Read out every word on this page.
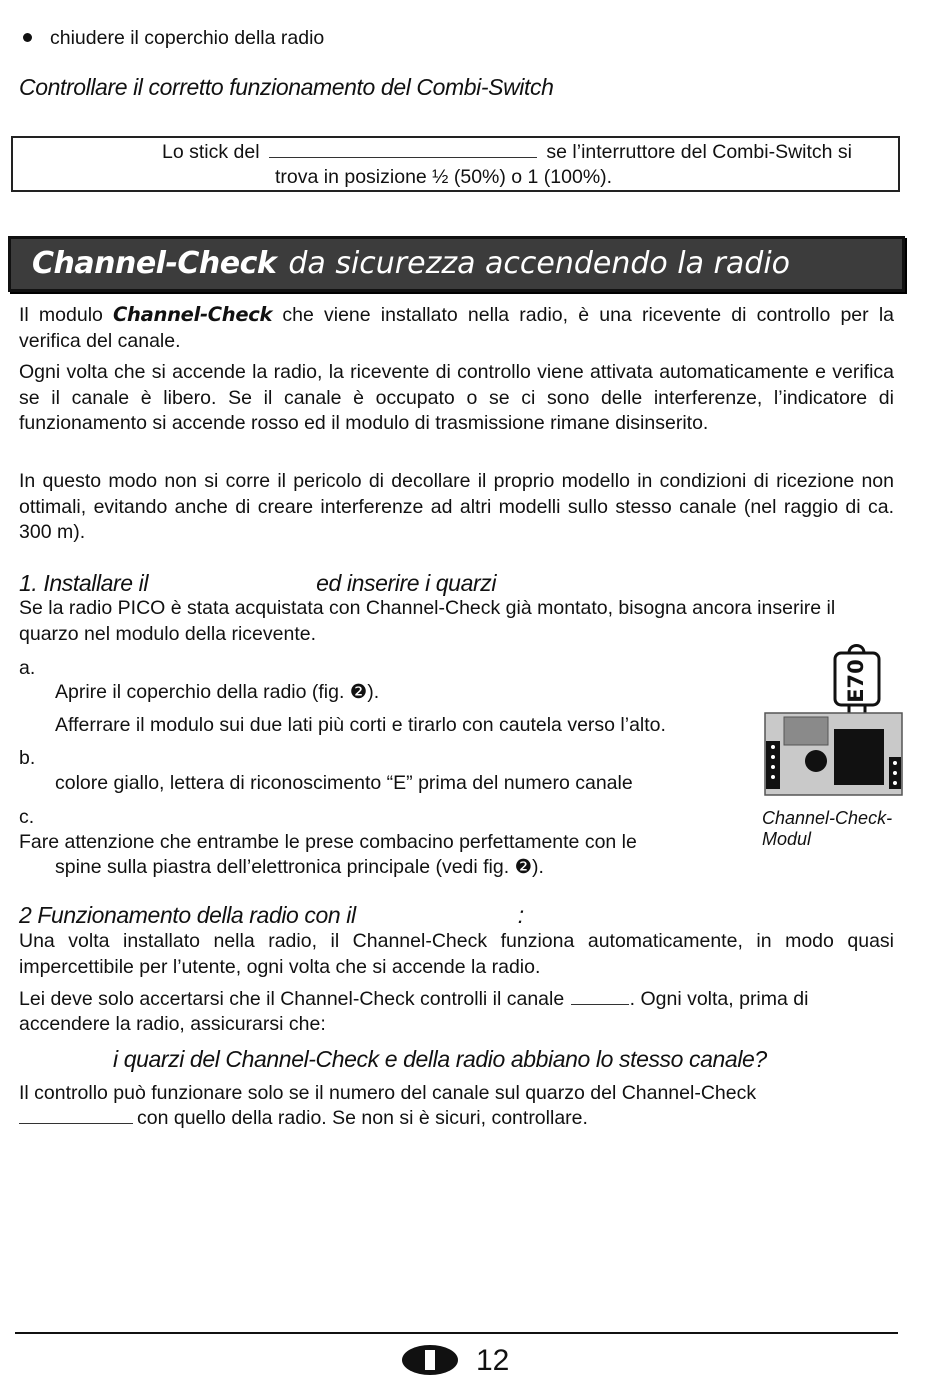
chiudere il coperchio della radio
Controllare il corretto funzionamento del Combi-Switch
Lo stick del	se l’interruttore del Combi-Switch si
trova in posizione ½ (50%) o 1 (100%).
Channel-Check da sicurezza accendendo la radio
Il modulo Channel-Check che viene installato nella radio, è una ricevente di controllo per la verifica del canale.
Ogni volta che si accende la radio, la ricevente di controllo viene attivata automaticamente e verifica se il canale è libero. Se il canale è occupato o se ci sono delle interferenze, l’indicatore di funzionamento si accende rosso ed il modulo di trasmissione rimane disinserito.
In questo modo non si corre il pericolo di decollare il proprio modello in condizioni di ricezione non ottimali, evitando anche di creare interferenze ad altri modelli sullo stesso canale (nel raggio di ca. 300 m).
1. Installare il	ed inserire i quarzi
Se la radio PICO è stata acquistata con Channel-Check già montato, bisogna ancora inserire il quarzo nel modulo della ricevente.
a.
Aprire il coperchio della radio (fig. ❷).
Afferrare il modulo sui due lati più corti e tirarlo con cautela verso l’alto.
b.
colore giallo, lettera di riconoscimento “E” prima del numero canale
c.
Fare attenzione che entrambe le prese combacino perfettamente con le
spine sulla piastra dell’elettronica principale (vedi fig. ❷).
E70
Channel-Check-
Modul
2 Funzionamento della radio con il	:
Una volta installato nella radio, il Channel-Check funziona automaticamente, in modo quasi impercettibile per l’utente, ogni volta che si accende la radio.
Lei deve solo accertarsi che il Channel-Check controlli il canale	. Ogni volta, prima di
accendere la radio, assicurarsi che:
i quarzi del Channel-Check e della radio abbiano lo stesso canale?
Il controllo può funzionare solo se il numero del canale sul quarzo del Channel-Check
con quello della radio. Se non si è sicuri, controllare.
12
